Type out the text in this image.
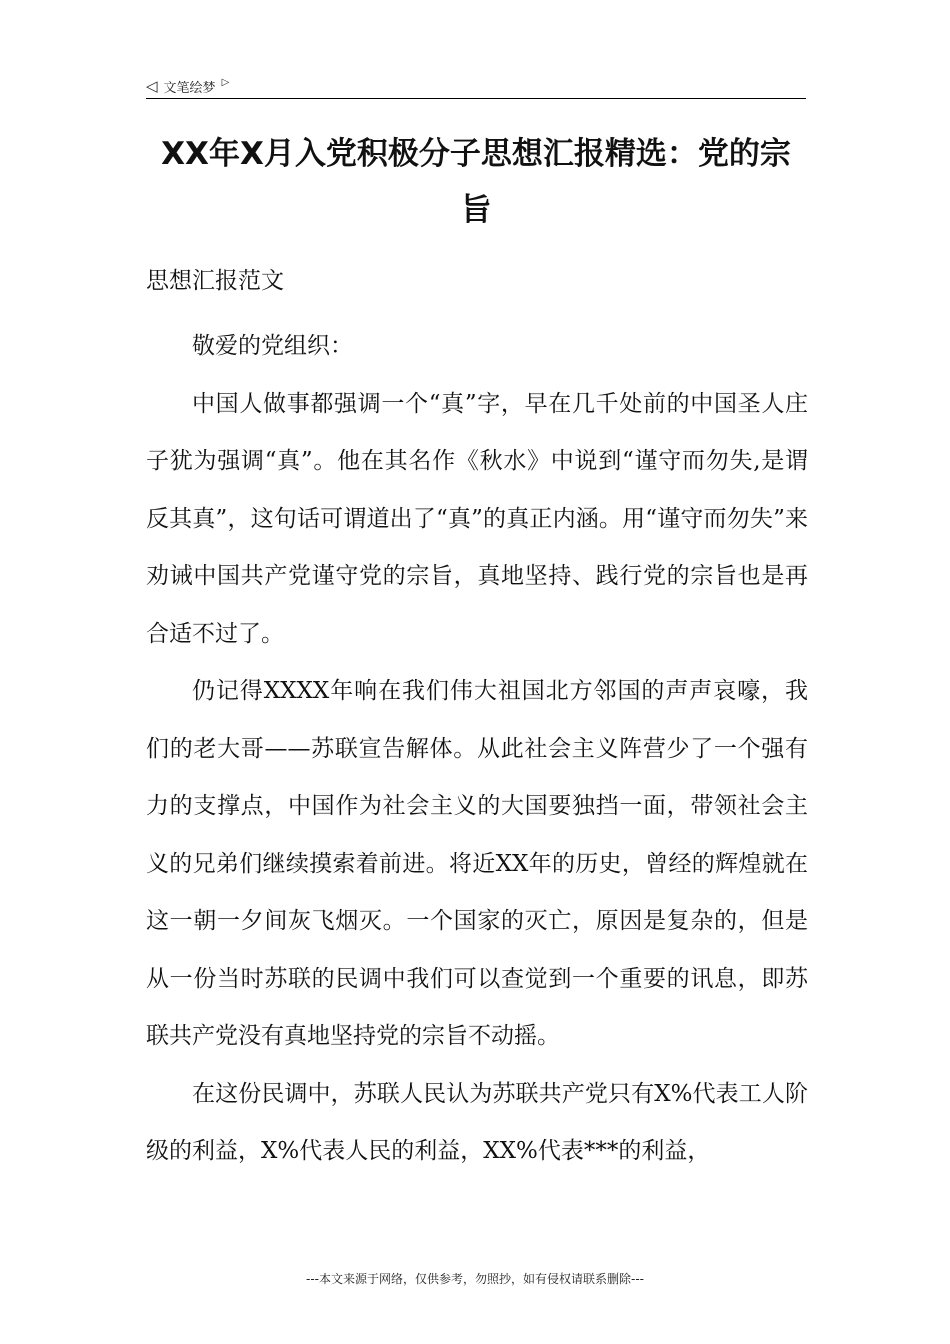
◁ 文笔绘梦 ▷
XX年X月入党积极分子思想汇报精选：党的宗旨

思想汇报范文

敬爱的党组织：

中国人做事都强调一个“真”字，早在几千处前的中国圣人庄子犹为强调“真”。他在其名作《秋水》中说到“谨守而勿失,是谓反其真”，这句话可谓道出了“真”的真正内涵。用“谨守而勿失”来劝诫中国共产党谨守党的宗旨，真地坚持、践行党的宗旨也是再合适不过了。

仍记得XXXX年响在我们伟大祖国北方邻国的声声哀嚎，我们的老大哥——苏联宣告解体。从此社会主义阵营少了一个强有力的支撑点，中国作为社会主义的大国要独挡一面，带领社会主义的兄弟们继续摸索着前进。将近XX年的历史，曾经的辉煌就在这一朝一夕间灰飞烟灭。一个国家的灭亡，原因是复杂的，但是从一份当时苏联的民调中我们可以查觉到一个重要的讯息，即苏联共产党没有真地坚持党的宗旨不动摇。

在这份民调中，苏联人民认为苏联共产党只有X%代表工人阶级的利益，X%代表人民的利益，XX%代表***的利益，

---本文来源于网络，仅供参考，勿照抄，如有侵权请联系删除---
